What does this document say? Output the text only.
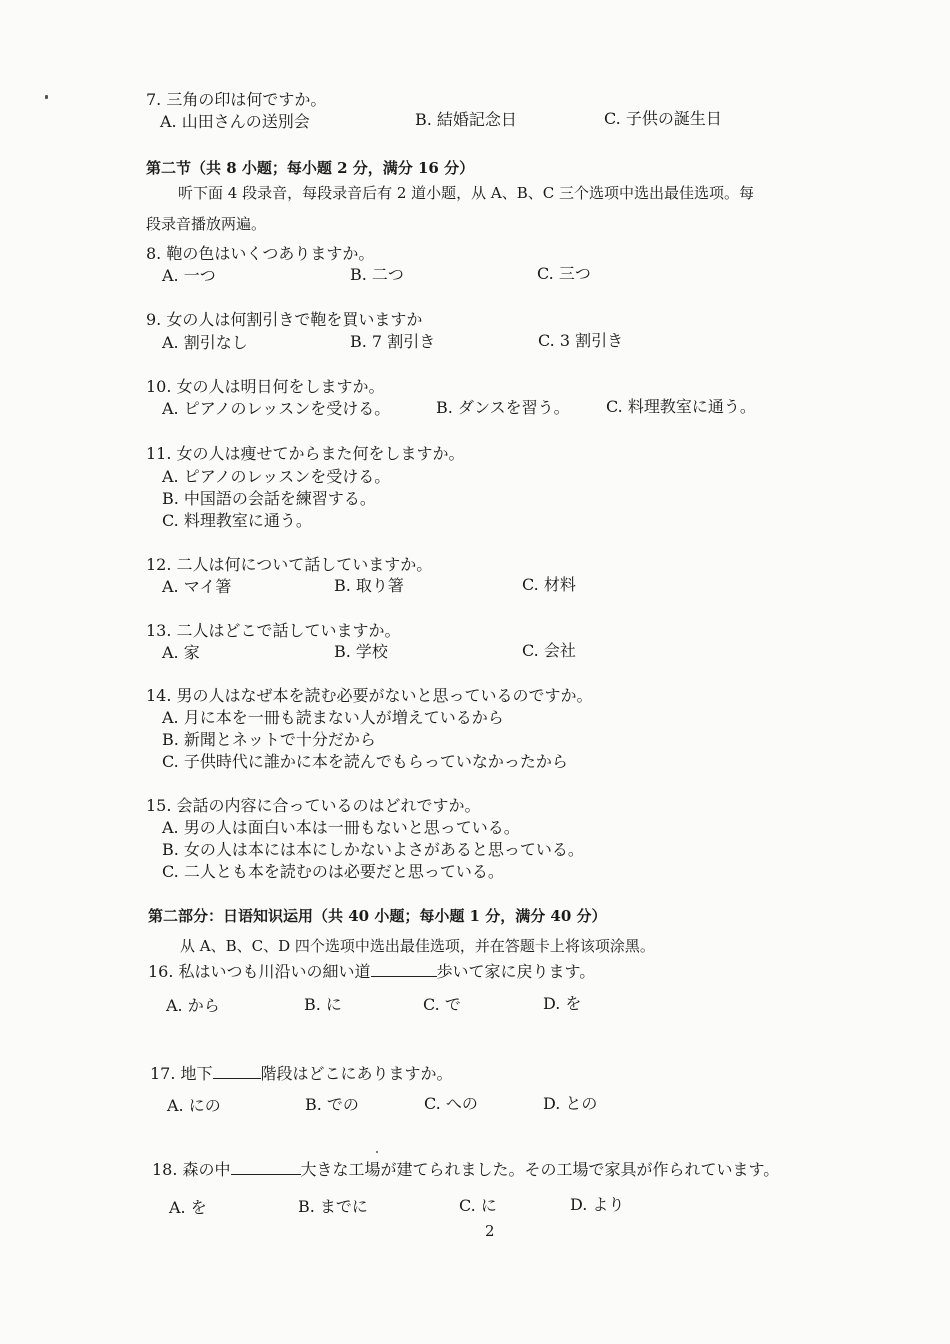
7. 三角の印は何ですか。
A. 山田さんの送別会	B. 結婚記念日	C. 子供の誕生日
第二节（共 8 小题；每小题 2 分，满分 16 分）
听下面 4 段录音，每段录音后有 2 道小题，从 A、B、C 三个选项中选出最佳选项。每
段录音播放两遍。
8. 鞄の色はいくつありますか。
A. 一つ	B. 二つ	C. 三つ
9. 女の人は何割引きで鞄を買いますか
A. 割引なし	B. 7 割引き	C. 3 割引き
10. 女の人は明日何をしますか。
A. ピアノのレッスンを受ける。	B. ダンスを習う。 C. 料理教室に通う。
11. 女の人は痩せてからまた何をしますか。
A. ピアノのレッスンを受ける。
B. 中国語の会話を練習する。
C. 料理教室に通う。
12. 二人は何について話していますか。
A. マイ箸	B. 取り箸	C. 材料
13. 二人はどこで話していますか。
A. 家	B. 学校	C. 会社
14. 男の人はなぜ本を読む必要がないと思っているのですか。
A. 月に本を一冊も読まない人が増えているから
B. 新聞とネットで十分だから
C. 子供時代に誰かに本を読んでもらっていなかったから
15. 会話の内容に合っているのはどれですか。
A. 男の人は面白い本は一冊もないと思っている。
B. 女の人は本には本にしかないよさがあると思っている。
C. 二人とも本を読むのは必要だと思っている。
第二部分：日语知识运用（共 40 小题；每小题 1 分，满分 40 分）
从 A、B、C、D 四个选项中选出最佳选项，并在答题卡上将该项涂黑。
16. 私はいつも川沿いの細い道	歩いて家に戻ります。
A. から	B. に	C. で	D. を
17. 地下	階段はどこにありますか。
A. にの	B. での	C. への	D. との
18. 森の中	大きな工場が建てられました。その工場で家具が作られています。
A. を	B. までに	C. に	D. より
2
